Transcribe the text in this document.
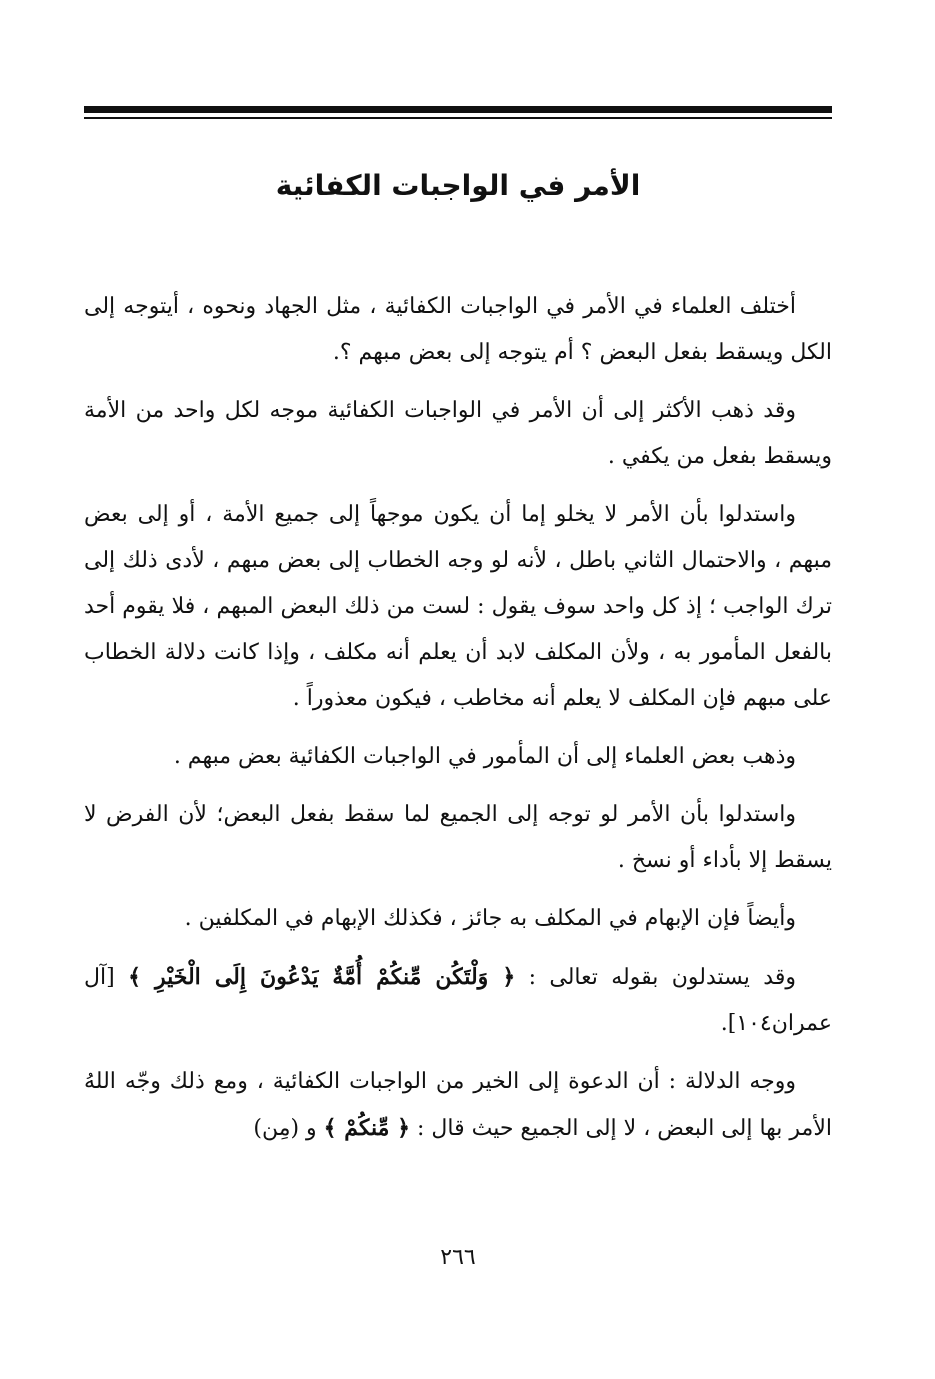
الأمر في الواجبات الكفائية

أختلف العلماء في الأمر في الواجبات الكفائية ، مثل الجهاد ونحوه ، أيتوجه إلى الكل ويسقط بفعل البعض ؟ أم يتوجه إلى بعض مبهم ؟.

وقد ذهب الأكثر إلى أن الأمر في الواجبات الكفائية موجه لكل واحد من الأمة ويسقط بفعل من يكفي .

واستدلوا بأن الأمر لا يخلو إما أن يكون موجهاً إلى جميع الأمة ، أو إلى بعض مبهم ، والاحتمال الثاني باطل ، لأنه لو وجه الخطاب إلى بعض مبهم ، لأدى ذلك إلى ترك الواجب ؛ إذ كل واحد سوف يقول : لست من ذلك البعض المبهم ، فلا يقوم أحد بالفعل المأمور به ، ولأن المكلف لابد أن يعلم أنه مكلف ، وإذا كانت دلالة الخطاب على مبهم فإن المكلف لا يعلم أنه مخاطب ، فيكون معذوراً .

وذهب بعض العلماء إلى أن المأمور في الواجبات الكفائية بعض مبهم .

واستدلوا بأن الأمر لو توجه إلى الجميع لما سقط بفعل البعض؛ لأن الفرض لا يسقط إلا بأداء أو نسخ .

وأيضاً فإن الإبهام في المكلف به جائز ، فكذلك الإبهام في المكلفين .

وقد يستدلون بقوله تعالى : ﴿ وَلْتَكُن مِّنكُمْ أُمَّةٌ يَدْعُونَ إِلَى الْخَيْرِ ﴾ [آل عمران١٠٤].

ووجه الدلالة : أن الدعوة إلى الخير من الواجبات الكفائية ، ومع ذلك وجّه اللهُ الأمر بها إلى البعض ، لا إلى الجميع حيث قال : ﴿ مِّنكُمْ ﴾ و (مِن)

٢٦٦
